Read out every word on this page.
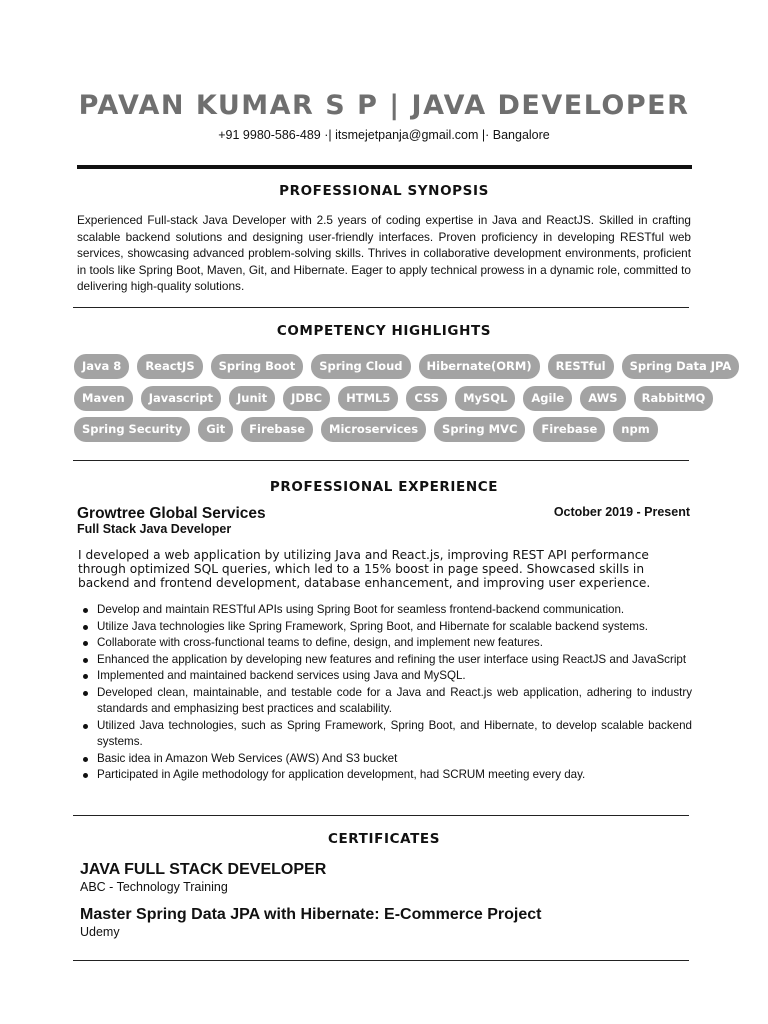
PAVAN KUMAR S P | JAVA DEVELOPER
+91 9980-586-489 ·| itsmejetpanja@gmail.com |· Bangalore
PROFESSIONAL SYNOPSIS
Experienced Full-stack Java Developer with 2.5 years of coding expertise in Java and ReactJS. Skilled in crafting scalable backend solutions and designing user-friendly interfaces. Proven proficiency in developing RESTful web services, showcasing advanced problem-solving skills. Thrives in collaborative development environments, proficient in tools like Spring Boot, Maven, Git, and Hibernate. Eager to apply technical prowess in a dynamic role, committed to delivering high-quality solutions.
COMPETENCY HIGHLIGHTS
Java 8	ReactJS	Spring Boot	Spring Cloud	Hibernate(ORM)	RESTful	Spring Data JPA
Maven	Javascript	Junit	JDBC	HTML5	CSS	MySQL	Agile	AWS	RabbitMQ
Spring Security	Git	Firebase	Microservices	Spring MVC	Firebase	npm
PROFESSIONAL EXPERIENCE
Growtree Global Services	October 2019 - Present
Full Stack Java Developer
I developed a web application by utilizing Java and React.js, improving REST API performance through optimized SQL queries, which led to a 15% boost in page speed. Showcased skills in backend and frontend development, database enhancement, and improving user experience.
Develop and maintain RESTful APIs using Spring Boot for seamless frontend-backend communication.
Utilize Java technologies like Spring Framework, Spring Boot, and Hibernate for scalable backend systems.
Collaborate with cross-functional teams to define, design, and implement new features.
Enhanced the application by developing new features and refining the user interface using ReactJS and JavaScript
Implemented and maintained backend services using Java and MySQL.
Developed clean, maintainable, and testable code for a Java and React.js web application, adhering to industry standards and emphasizing best practices and scalability.
Utilized Java technologies, such as Spring Framework, Spring Boot, and Hibernate, to develop scalable backend systems.
Basic idea in Amazon Web Services (AWS) And S3 bucket
Participated in Agile methodology for application development, had SCRUM meeting every day.
CERTIFICATES
JAVA FULL STACK DEVELOPER
ABC - Technology Training
Master Spring Data JPA with Hibernate: E-Commerce Project
Udemy
